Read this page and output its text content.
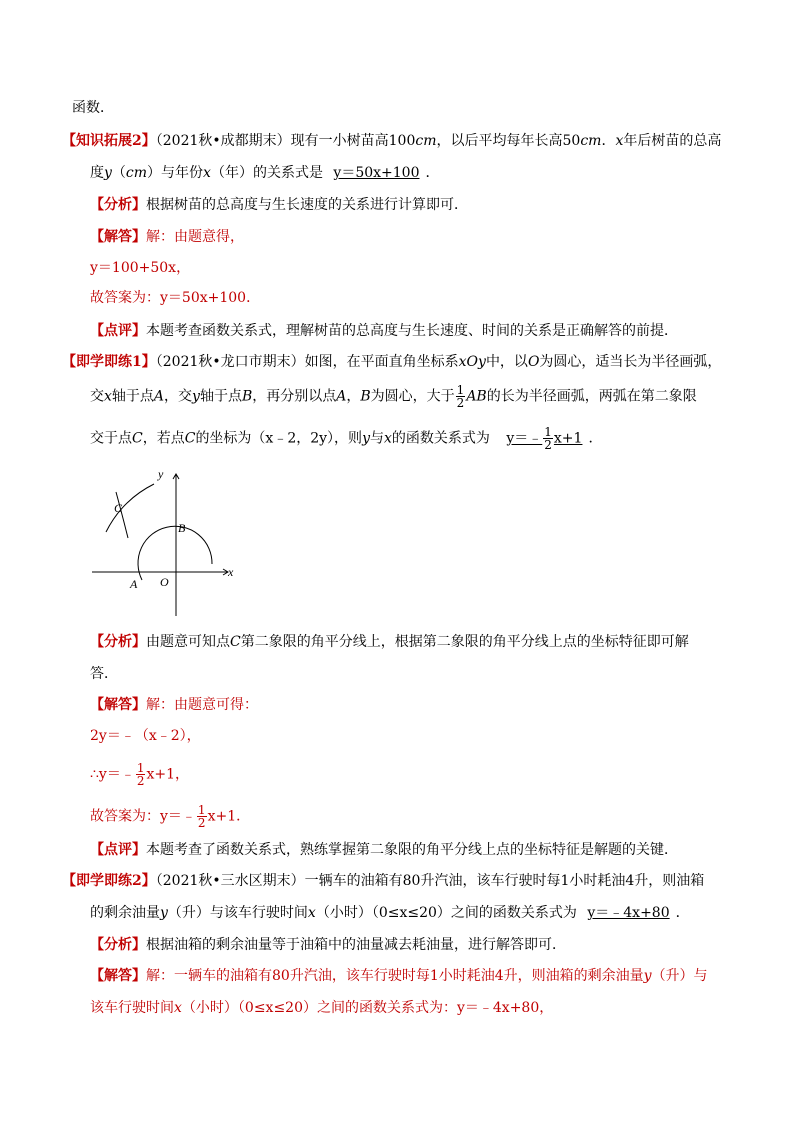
函数．
【知识拓展2】（2021秋•成都期末）现有一小树苗高100cm，以后平均每年长高50cm．x年后树苗的总高
度y（cm）与年份x（年）的关系式是 y＝50x+100 ．
【分析】根据树苗的总高度与生长速度的关系进行计算即可．
【解答】解：由题意得，
y＝100+50x，
故答案为：y＝50x+100．
【点评】本题考查函数关系式，理解树苗的总高度与生长速度、时间的关系是正确解答的前提．
【即学即练1】（2021秋•龙口市期末）如图，在平面直角坐标系xOy中，以O为圆心，适当长为半径画弧，
交x轴于点A，交y轴于点B，再分别以点A，B为圆心，大于 $\frac{1}{2}$ AB的长为半径画弧，两弧在第二象限
交于点C，若点C的坐标为（x﹣2，2y），则y与x的函数关系式为 y＝﹣ $\frac{1}{2} x+1$ ．
y
x
C
B
A O
【分析】由题意可知点C第二象限的角平分线上，根据第二象限的角平分线上点的坐标特征即可解
答．
【解答】解：由题意可得：
2y＝﹣（x﹣2），
∴y＝﹣ $\frac{1}{2} x+1$，
故答案为：y＝﹣ $\frac{1}{2} x+1$．
【点评】本题考查了函数关系式，熟练掌握第二象限的角平分线上点的坐标特征是解题的关键．
【即学即练2】（2021秋•三水区期末）一辆车的油箱有80升汽油，该车行驶时每1小时耗油4升，则油箱
的剩余油量y（升）与该车行驶时间x（小时）（0≤x≤20）之间的函数关系式为 y＝﹣4x+80 ．
【分析】根据油箱的剩余油量等于油箱中的油量减去耗油量，进行解答即可．
【解答】解：一辆车的油箱有80升汽油，该车行驶时每1小时耗油4升，则油箱的剩余油量y（升）与
该车行驶时间x（小时）（0≤x≤20）之间的函数关系式为：y＝﹣4x+80，
